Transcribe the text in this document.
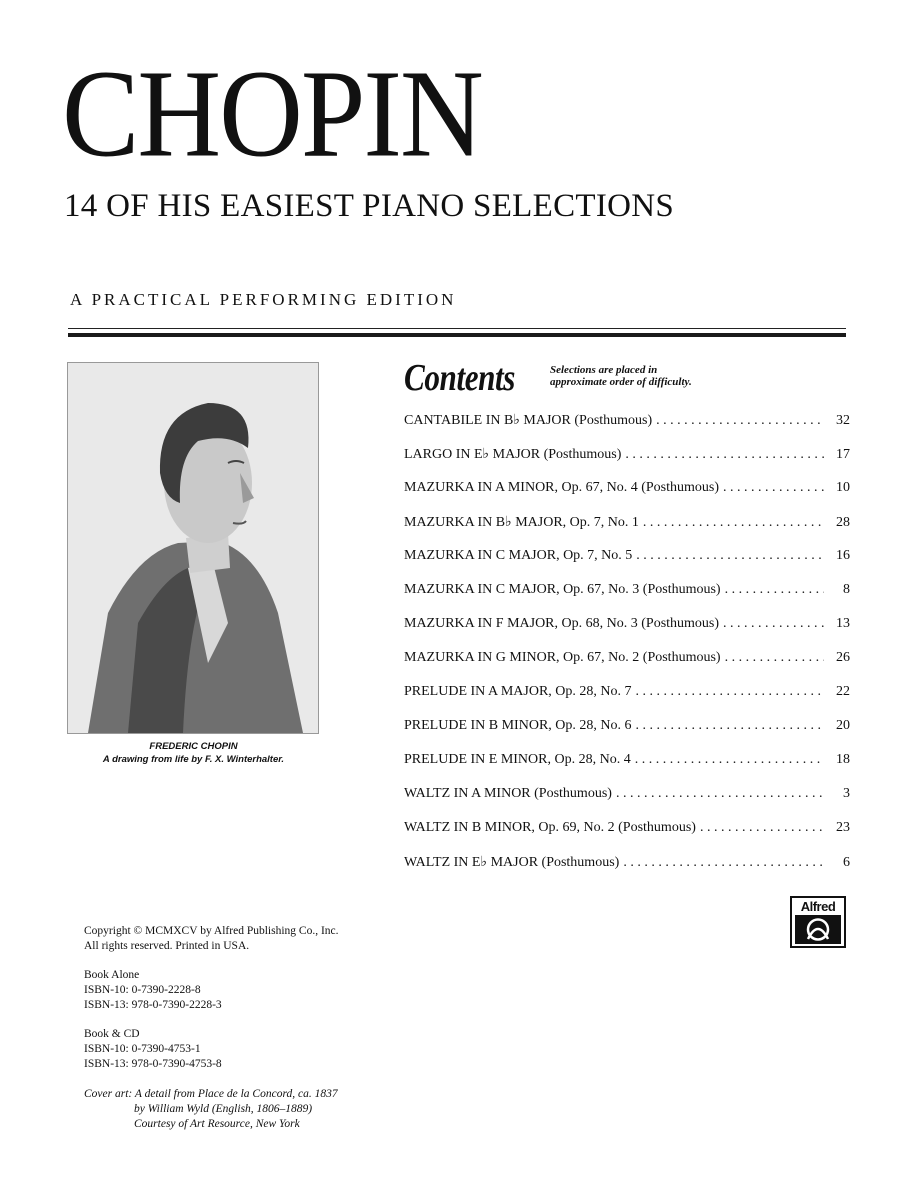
CHOPIN
14 OF HIS EASIEST PIANO SELECTIONS
A PRACTICAL PERFORMING EDITION
FREDERIC CHOPIN
A drawing from life by F. X. Winterhalter.
Contents	Selections are placed in
approximate order of difficulty.
CANTABILE IN B♭ MAJOR (Posthumous) . . .	32
LARGO IN E♭ MAJOR (Posthumous) . . .	17
MAZURKA IN A MINOR, Op. 67, No. 4 (Posthumous) . . .	10
MAZURKA IN B♭ MAJOR, Op. 7, No. 1 . . .	28
MAZURKA IN C MAJOR, Op. 7, No. 5 . . .	16
MAZURKA IN C MAJOR, Op. 67, No. 3 (Posthumous) . . .	8
MAZURKA IN F MAJOR, Op. 68, No. 3 (Posthumous) . . .	13
MAZURKA IN G MINOR, Op. 67, No. 2 (Posthumous) . . .	26
PRELUDE IN A MAJOR, Op. 28, No. 7 . . .	22
PRELUDE IN B MINOR, Op. 28, No. 6 . . .	20
PRELUDE IN E MINOR, Op. 28, No. 4 . . .	18
WALTZ IN A MINOR (Posthumous) . . .	3
WALTZ IN B MINOR, Op. 69, No. 2 (Posthumous) . . .	23
WALTZ IN E♭ MAJOR (Posthumous) . . .	6
Alfred
Copyright © MCMXCV by Alfred Publishing Co., Inc.
All rights reserved. Printed in USA.
Book Alone
ISBN-10: 0-7390-2228-8
ISBN-13: 978-0-7390-2228-3
Book & CD
ISBN-10: 0-7390-4753-1
ISBN-13: 978-0-7390-4753-8
Cover art: A detail from Place de la Concord, ca. 1837
by William Wyld (English, 1806–1889)
Courtesy of Art Resource, New York
